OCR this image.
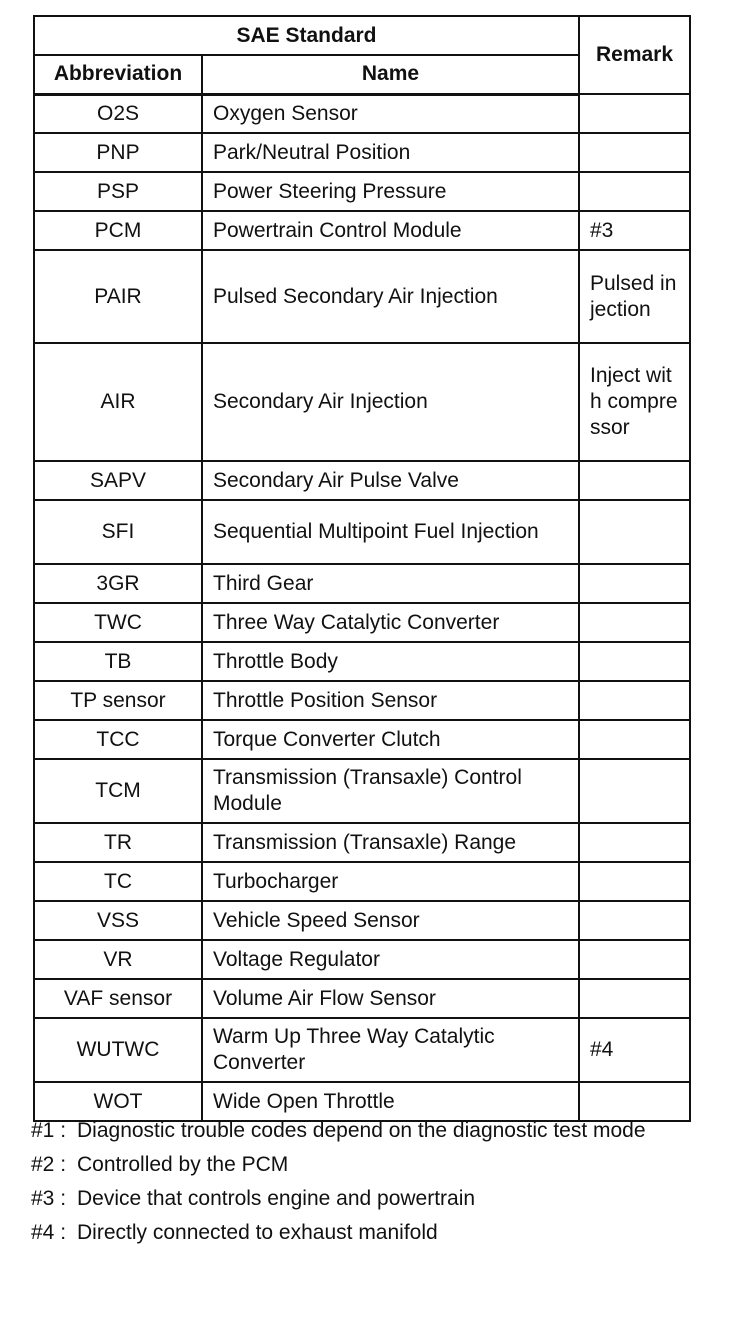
SAE Standard		Remark
Abbreviation	Name	
O2S	Oxygen Sensor	
PNP	Park/Neutral Position	
PSP	Power Steering Pressure	
PCM	Powertrain Control Module	#3
PAIR	Pulsed Secondary Air Injection	Pulsed injection
AIR	Secondary Air Injection	Inject with compressor
SAPV	Secondary Air Pulse Valve	
SFI	Sequential Multipoint Fuel Injection	
3GR	Third Gear	
TWC	Three Way Catalytic Converter	
TB	Throttle Body	
TP sensor	Throttle Position Sensor	
TCC	Torque Converter Clutch	
TCM	Transmission (Transaxle) Control Module	
TR	Transmission (Transaxle) Range	
TC	Turbocharger	
VSS	Vehicle Speed Sensor	
VR	Voltage Regulator	
VAF sensor	Volume Air Flow Sensor	
WUTWC	Warm Up Three Way Catalytic Converter	#4
WOT	Wide Open Throttle	
#1 : Diagnostic trouble codes depend on the diagnostic test mode
#2 : Controlled by the PCM
#3 : Device that controls engine and powertrain
#4 : Directly connected to exhaust manifold
